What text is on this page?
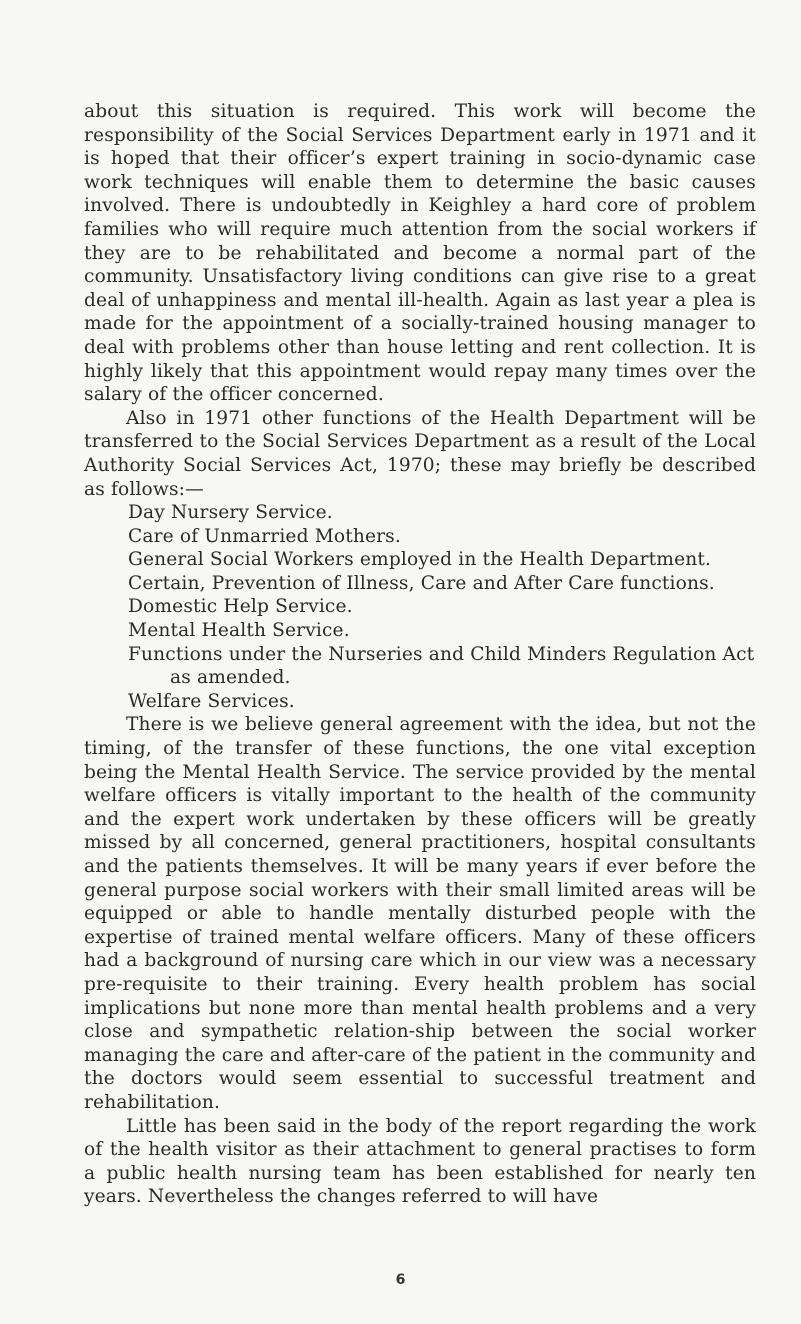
about this situation is required. This work will become the responsibility of the Social Services Department early in 1971 and it is hoped that their officer’s expert training in socio-dynamic case work techniques will enable them to determine the basic causes involved. There is undoubtedly in Keighley a hard core of problem families who will require much attention from the social workers if they are to be rehabilitated and become a normal part of the community. Unsatisfactory living conditions can give rise to a great deal of unhappiness and mental ill-health. Again as last year a plea is made for the appointment of a socially-trained housing manager to deal with problems other than house letting and rent collection. It is highly likely that this appointment would repay many times over the salary of the officer concerned.

Also in 1971 other functions of the Health Department will be transferred to the Social Services Department as a result of the Local Authority Social Services Act, 1970; these may briefly be described as follows:—

Day Nursery Service.
Care of Unmarried Mothers.
General Social Workers employed in the Health Department.
Certain, Prevention of Illness, Care and After Care functions.
Domestic Help Service.
Mental Health Service.
Functions under the Nurseries and Child Minders Regulation Act as amended.
Welfare Services.

There is we believe general agreement with the idea, but not the timing, of the transfer of these functions, the one vital exception being the Mental Health Service. The service provided by the mental welfare officers is vitally important to the health of the community and the expert work undertaken by these officers will be greatly missed by all concerned, general practitioners, hospital consultants and the patients themselves. It will be many years if ever before the general purpose social workers with their small limited areas will be equipped or able to handle mentally disturbed people with the expertise of trained mental welfare officers. Many of these officers had a background of nursing care which in our view was a necessary pre-requisite to their training. Every health problem has social implications but none more than mental health problems and a very close and sympathetic relation-ship between the social worker managing the care and after-care of the patient in the community and the doctors would seem essential to successful treatment and rehabilitation.

Little has been said in the body of the report regarding the work of the health visitor as their attachment to general practises to form a public health nursing team has been established for nearly ten years. Nevertheless the changes referred to will have

6
